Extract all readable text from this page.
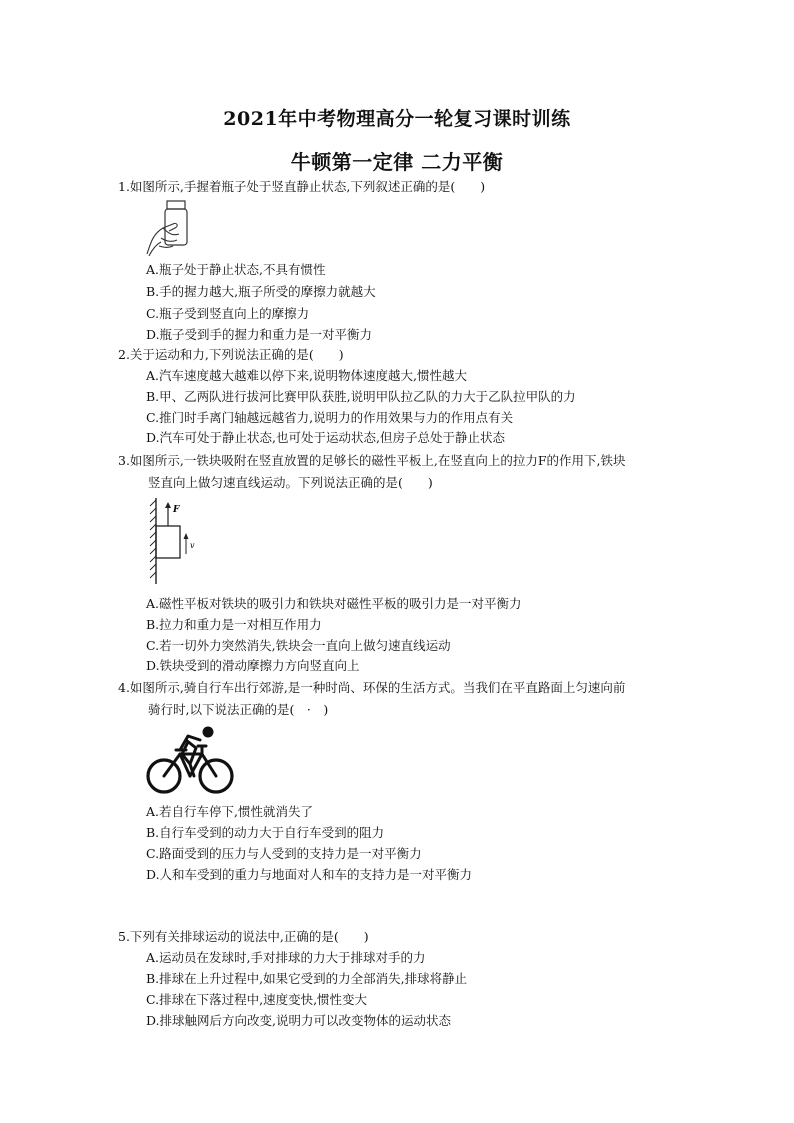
2021年中考物理高分一轮复习课时训练
牛顿第一定律 二力平衡
1.如图所示,手握着瓶子处于竖直静止状态,下列叙述正确的是(　　)
A.瓶子处于静止状态,不具有惯性
B.手的握力越大,瓶子所受的摩擦力就越大
C.瓶子受到竖直向上的摩擦力
D.瓶子受到手的握力和重力是一对平衡力
2.关于运动和力,下列说法正确的是(　　)
A.汽车速度越大越难以停下来,说明物体速度越大,惯性越大
B.甲、乙两队进行拔河比赛甲队获胜,说明甲队拉乙队的力大于乙队拉甲队的力
C.推门时手离门轴越远越省力,说明力的作用效果与力的作用点有关
D.汽车可处于静止状态,也可处于运动状态,但房子总处于静止状态
3.如图所示,一铁块吸附在竖直放置的足够长的磁性平板上,在竖直向上的拉力F的作用下,铁块
竖直向上做匀速直线运动。下列说法正确的是(　　)
F
v
A.磁性平板对铁块的吸引力和铁块对磁性平板的吸引力是一对平衡力
B.拉力和重力是一对相互作用力
C.若一切外力突然消失,铁块会一直向上做匀速直线运动
D.铁块受到的滑动摩擦力方向竖直向上
4.如图所示,骑自行车出行郊游,是一种时尚、环保的生活方式。当我们在平直路面上匀速向前
骑行时,以下说法正确的是(　·　)
A.若自行车停下,惯性就消失了
B.自行车受到的动力大于自行车受到的阻力
C.路面受到的压力与人受到的支持力是一对平衡力
D.人和车受到的重力与地面对人和车的支持力是一对平衡力
5.下列有关排球运动的说法中,正确的是(　　)
A.运动员在发球时,手对排球的力大于排球对手的力
B.排球在上升过程中,如果它受到的力全部消失,排球将静止
C.排球在下落过程中,速度变快,惯性变大
D.排球触网后方向改变,说明力可以改变物体的运动状态
